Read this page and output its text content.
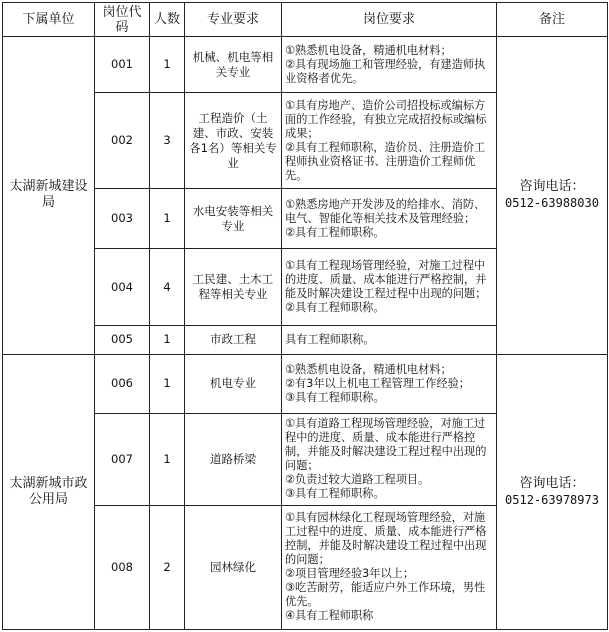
下属单位	岗位代码	人数	专业要求	岗位要求	备注
太湖新城建设局	001	1	机械、机电等相关专业	①熟悉机电设备，精通机电材料；
②具有现场施工和管理经验，有建造师执业资格者优先。	咨询电话：
0512-63988030

	002	3	工程造价（土建、市政、安装各1名）等相关专业	①具有房地产、造价公司招投标或编标方面的工作经验，有独立完成招投标或编标成果；
②具有工程师职称，造价员、注册造价工程师执业资格证书、注册造价工程师优先。	

	003	1	水电安装等相关专业	①熟悉房地产开发涉及的给排水、消防、电气、智能化等相关技术及管理经验；
②具有工程师职称。	

	004	4	工民建、土木工程等相关专业	①具有工程现场管理经验，对施工过程中的进度、质量、成本能进行严格控制，并能及时解决建设工程过程中出现的问题；
②具有工程师职称。	

	005	1	市政工程	具有工程师职称。	

太湖新城市政公用局	006	1	机电专业	①熟悉机电设备，精通机电材料；
②有3年以上机电工程管理工作经验；
③具有工程师职称。	咨询电话：
0512-63978973

	007	1	道路桥梁	①具有道路工程现场管理经验，对施工过程中的进度、质量、成本能进行严格控制，并能及时解决建设工程过程中出现的问题；
②负责过较大道路工程项目。
③具有工程师职称。	

	008	2	园林绿化	①具有园林绿化工程现场管理经验，对施工过程中的进度、质量、成本能进行严格控制，并能及时解决建设工程过程中出现的问题；
②项目管理经验3年以上；
③吃苦耐劳，能适应户外工作环境，男性优先。
④具有工程师职称	
